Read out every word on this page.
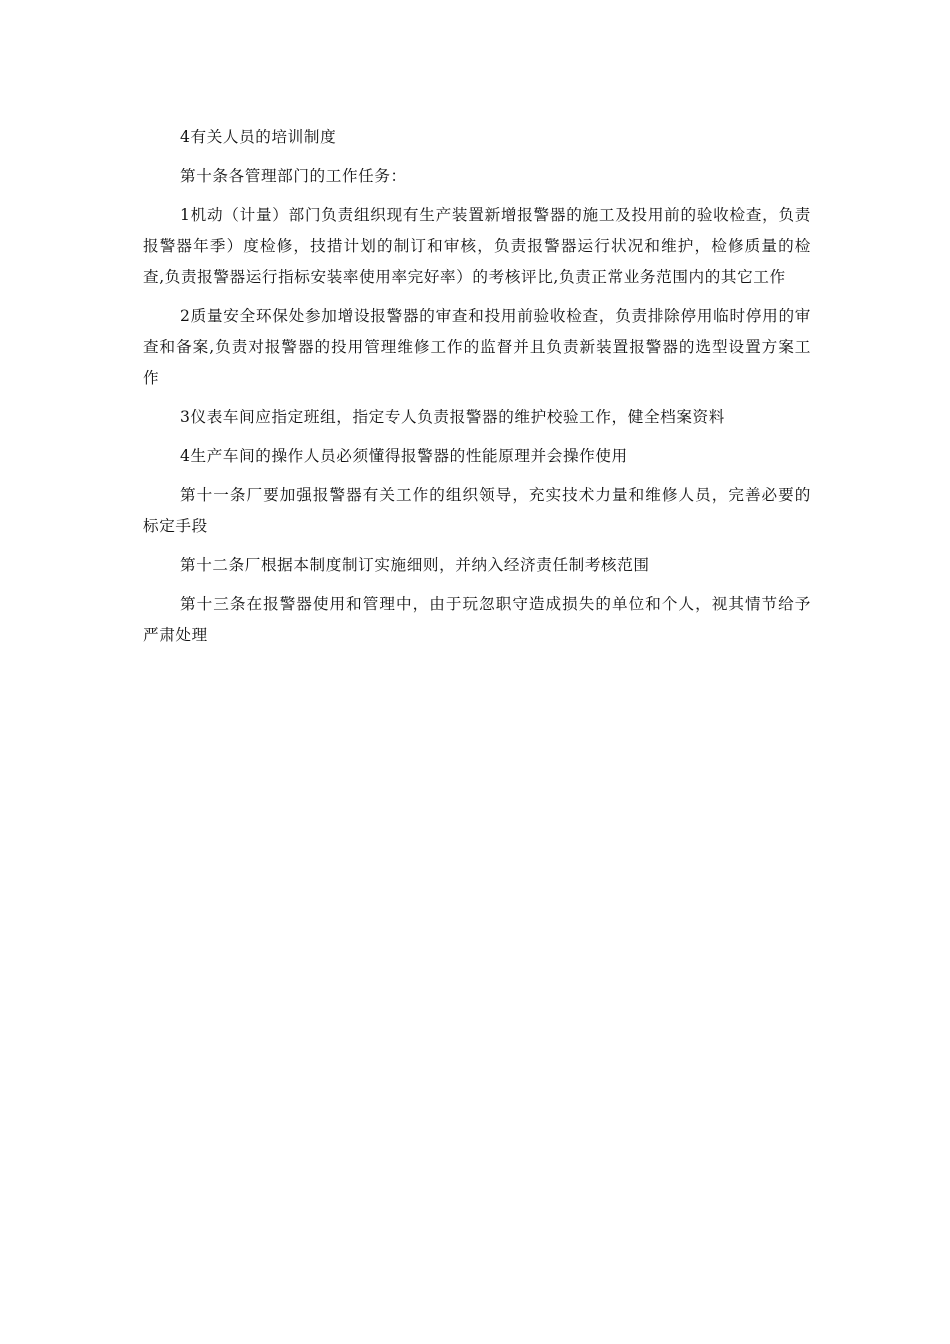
4有关人员的培训制度

第十条各管理部门的工作任务：

1机动（计量）部门负责组织现有生产装置新增报警器的施工及投用前的验收检查，负责报警器年季）度检修，技措计划的制订和审核，负责报警器运行状况和维护，检修质量的检查,负责报警器运行指标安装率使用率完好率）的考核评比,负责正常业务范围内的其它工作

2质量安全环保处参加增设报警器的审查和投用前验收检查，负责排除停用临时停用的审查和备案,负责对报警器的投用管理维修工作的监督并且负责新装置报警器的选型设置方案工作

3仪表车间应指定班组，指定专人负责报警器的维护校验工作，健全档案资料

4生产车间的操作人员必须懂得报警器的性能原理并会操作使用

第十一条厂要加强报警器有关工作的组织领导，充实技术力量和维修人员，完善必要的标定手段

第十二条厂根据本制度制订实施细则，并纳入经济责任制考核范围

第十三条在报警器使用和管理中，由于玩忽职守造成损失的单位和个人，视其情节给予严肃处理
